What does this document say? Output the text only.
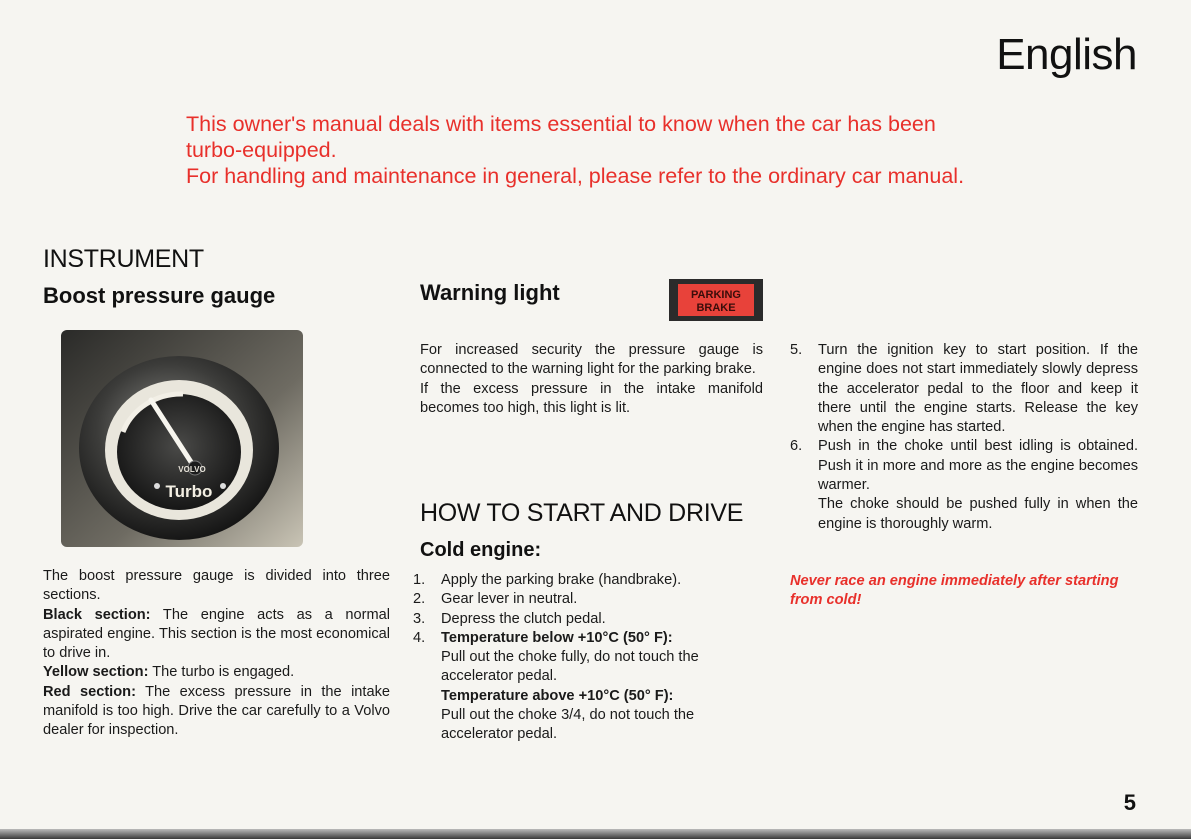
English

This owner's manual deals with items essential to know when the car has been turbo-equipped.

For handling and maintenance in general, please refer to the ordinary car manual.

INSTRUMENT
Boost pressure gauge
VOLVO
Turbo

The boost pressure gauge is divided into three sections.

Black section: The engine acts as a normal aspirated engine. This section is the most economical to drive in.

Yellow section: The turbo is engaged.

Red section: The excess pressure in the intake manifold is too high. Drive the car carefully to a Volvo dealer for inspection.

Warning light	PARKING
BRAKE

For increased security the pressure gauge is connected to the warning light for the parking brake.

If the excess pressure in the intake manifold becomes too high, this light is lit.

HOW TO START AND DRIVE
Cold engine:
1. Apply the parking brake (handbrake).
2. Gear lever in neutral.
3. Depress the clutch pedal.
4. Temperature below +10°C (50° F):
Pull out the choke fully, do not touch the accelerator pedal.
Temperature above +10°C (50° F):
Pull out the choke 3/4, do not touch the accelerator pedal.
5. Turn the ignition key to start position. If the engine does not start immediately slowly depress the accelerator pedal to the floor and keep it there until the engine starts. Release the key when the engine has started.
6. Push in the choke until best idling is obtained. Push it in more and more as the engine becomes warmer.
The choke should be pushed fully in when the engine is thoroughly warm.
Never race an engine immediately after starting from cold!
5
